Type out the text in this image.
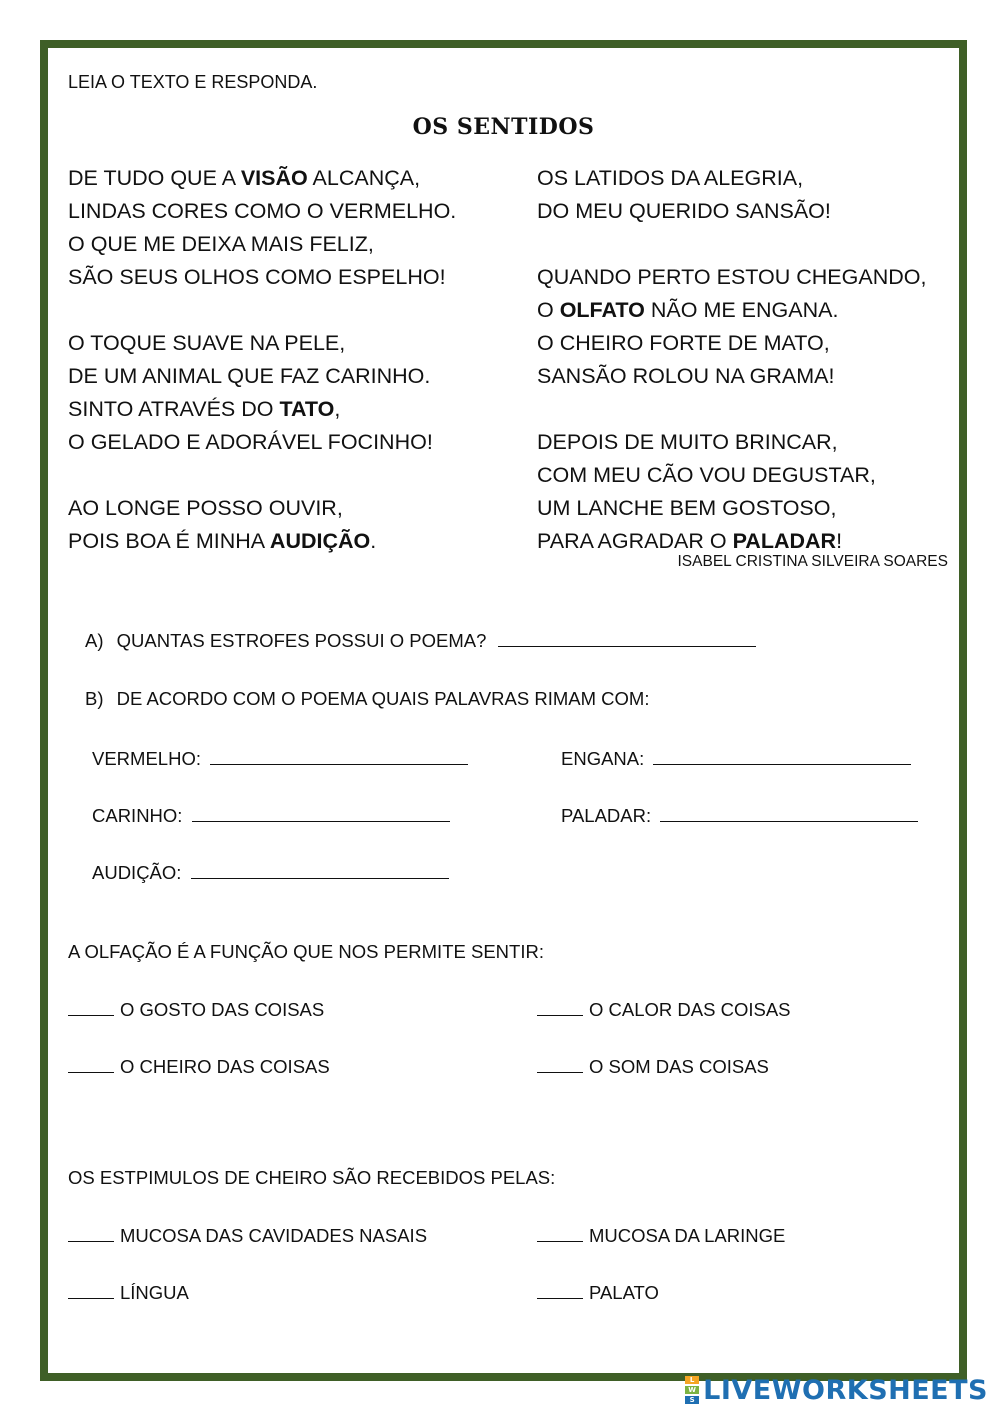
LEIA O TEXTO E RESPONDA.
OS SENTIDOS
DE TUDO QUE A VISÃO ALCANÇA,
LINDAS CORES COMO O VERMELHO.
O QUE ME DEIXA MAIS FELIZ,
SÃO SEUS OLHOS COMO ESPELHO!
O TOQUE SUAVE NA PELE,
DE UM ANIMAL QUE FAZ CARINHO.
SINTO ATRAVÉS DO TATO,
O GELADO E ADORÁVEL FOCINHO!
AO LONGE POSSO OUVIR,
POIS BOA É MINHA AUDIÇÃO.
OS LATIDOS DA ALEGRIA,
DO MEU QUERIDO SANSÃO!
QUANDO PERTO ESTOU CHEGANDO,
O OLFATO NÃO ME ENGANA.
O CHEIRO FORTE DE MATO,
SANSÃO ROLOU NA GRAMA!
DEPOIS DE MUITO BRINCAR,
COM MEU CÃO VOU DEGUSTAR,
UM LANCHE BEM GOSTOSO,
PARA AGRADAR O PALADAR!
ISABEL CRISTINA SILVEIRA SOARES
A) QUANTAS ESTROFES POSSUI O POEMA?
B) DE ACORDO COM O POEMA QUAIS PALAVRAS RIMAM COM:
VERMELHO:	ENGANA:
CARINHO:	PALADAR:
AUDIÇÃO:
A OLFAÇÃO É A FUNÇÃO QUE NOS PERMITE SENTIR:
O GOSTO DAS COISAS	O CALOR DAS COISAS
O CHEIRO DAS COISAS	O SOM DAS COISAS
OS ESTPIMULOS DE CHEIRO SÃO RECEBIDOS PELAS:
MUCOSA DAS CAVIDADES NASAIS	MUCOSA DA LARINGE
LÍNGUA	PALATO
L
W
S LIVEWORKSHEETS
